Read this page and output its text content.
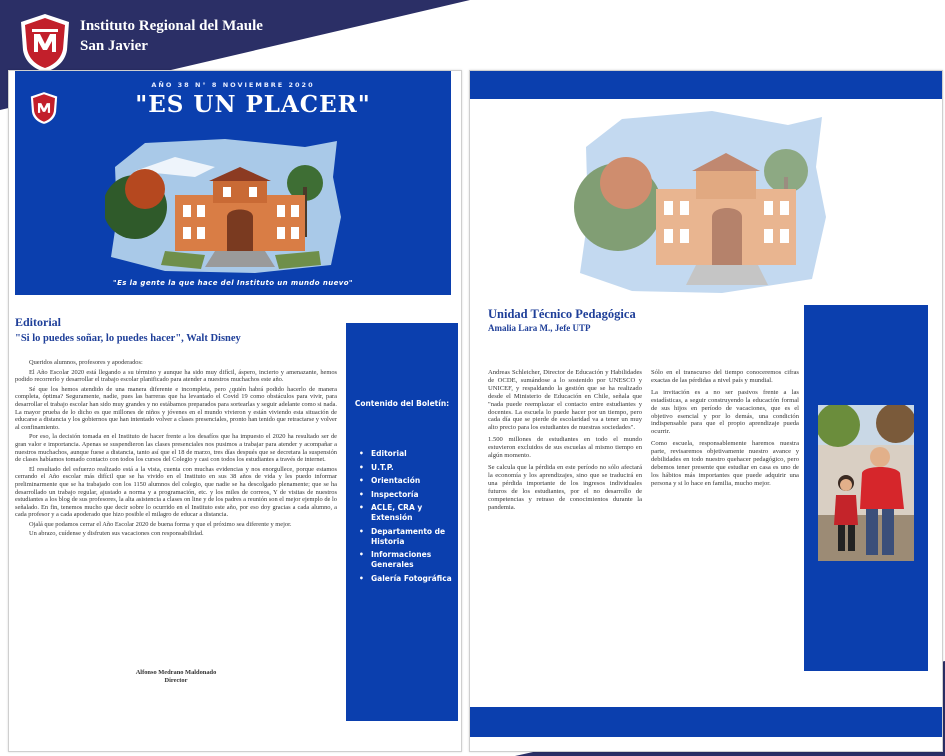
Instituto Regional del Maule
San Javier
AÑO 38 N° 8 NOVIEMBRE 2020
"ES UN PLACER"
"Es la gente la que hace del Instituto un mundo nuevo"
Editorial
"Si lo puedes soñar, lo puedes hacer", Walt Disney

Queridos alumnos, profesores y apoderados:

El Año Escolar 2020 está llegando a su término y aunque ha sido muy difícil, áspero, incierto y amenazante, hemos podido recorrerlo y desarrollar el trabajo escolar planificado para atender a nuestros muchachos este año.

Sé que los hemos atendido de una manera diferente e incompleta, pero ¿quién habrá podido hacerlo de manera completa, óptima? Seguramente, nadie, pues las barreras que ha levantado el Covid 19 como obstáculos para vivir, para desarrollar el trabajo escolar han sido muy grandes y no estábamos preparados para sortearlas y seguir adelante como si nada. La mayor prueba de lo dicho es que millones de niños y jóvenes en el mundo vivieron y están viviendo esta situación de educarse a distancia y los gobiernos que han intentado volver a clases presenciales, pronto han tenido que retractarse y volver al confinamiento.

Por eso, la decisión tomada en el Instituto de hacer frente a los desafíos que ha impuesto el 2020 ha resultado ser de gran valor e importancia. Apenas se suspendieron las clases presenciales nos pusimos a trabajar para atender y acompañar a nuestros muchachos, aunque fuese a distancia, tanto así que el 18 de marzo, tres días después que se decretara la suspensión de clases habíamos tomado contacto con todos los cursos del Colegio y casi con todos los estudiantes a través de internet.

El resultado del esfuerzo realizado está a la vista, cuenta con muchas evidencias y nos enorgullece, porque estamos cerrando el Año escolar más difícil que se ha vivido en el Instituto en sus 38 años de vida y les puedo informar preliminarmente que se ha trabajado con los 1150 alumnos del colegio, que nadie se ha descolgado plenamente; que se ha desarrollado un trabajo regular, ajustado a norma y a programación, etc. y los miles de correos, Y de visitas de nuestros estudiantes a los blog de sus profesores, la alta asistencia a clases on line y de los padres a reunión son el mejor ejemplo de lo señalado. En fin, tenemos mucho que decir sobre lo ocurrido en el Instituto este año, por eso doy gracias a cada alumno, a cada profesor y a cada apoderado que hizo posible el milagro de educar a distancia.

Ojalá que podamos cerrar el Año Escolar 2020 de buena forma y que el próximo sea diferente y mejor.

Un abrazo, cuídense y disfruten sus vacaciones con responsabilidad.

Alfonso Medrano Maldonado
Director
Contenido del Boletín:
• Editorial
• U.T.P.
• Orientación
• Inspectoría
• ACLE, CRA y Extensión
• Departamento de Historia
• Informaciones Generales
• Galería Fotográfica
Unidad Técnico Pedagógica
Amalia Lara M., Jefe UTP

Andreas Schleicher, Director de Educación y Habilidades de OCDE, sumándose a lo sostenido por UNESCO y UNICEF, y respaldando la gestión que se ha realizado desde el Ministerio de Educación en Chile, señala que "nada puede reemplazar el contacto entre estudiantes y docentes. La escuela lo puede hacer por un tiempo, pero cada día que se pierde de escolaridad va a tener un muy alto precio para los estudiantes de nuestras sociedades".

1.500 millones de estudiantes en todo el mundo estuvieron excluidos de sus escuelas al mismo tiempo en algún momento.

Se calcula que la pérdida en este período no sólo afectará la economía y los aprendizajes, sino que se traducirá en una pérdida importante de los ingresos individuales futuros de los estudiantes, por el no desarrollo de competencias y retraso de conocimientos durante la pandemia.

Sólo en el transcurso del tiempo conoceremos cifras exactas de las pérdidas a nivel país y mundial.

La invitación es a no ser pasivos frente a las estadísticas, a seguir construyendo la educación formal de sus hijos en período de vacaciones, que es el objetivo esencial y por lo demás, una condición indispensable para que el propio aprendizaje pueda ocurrir.

Como escuela, responsablemente haremos nuestra parte, revisaremos objetivamente nuestro avance y debilidades en todo nuestro quehacer pedagógico, pero debemos tener presente que estudiar en casa es uno de los hábitos más importantes que puede adquirir una persona y si lo hace en familia, mucho mejor.
